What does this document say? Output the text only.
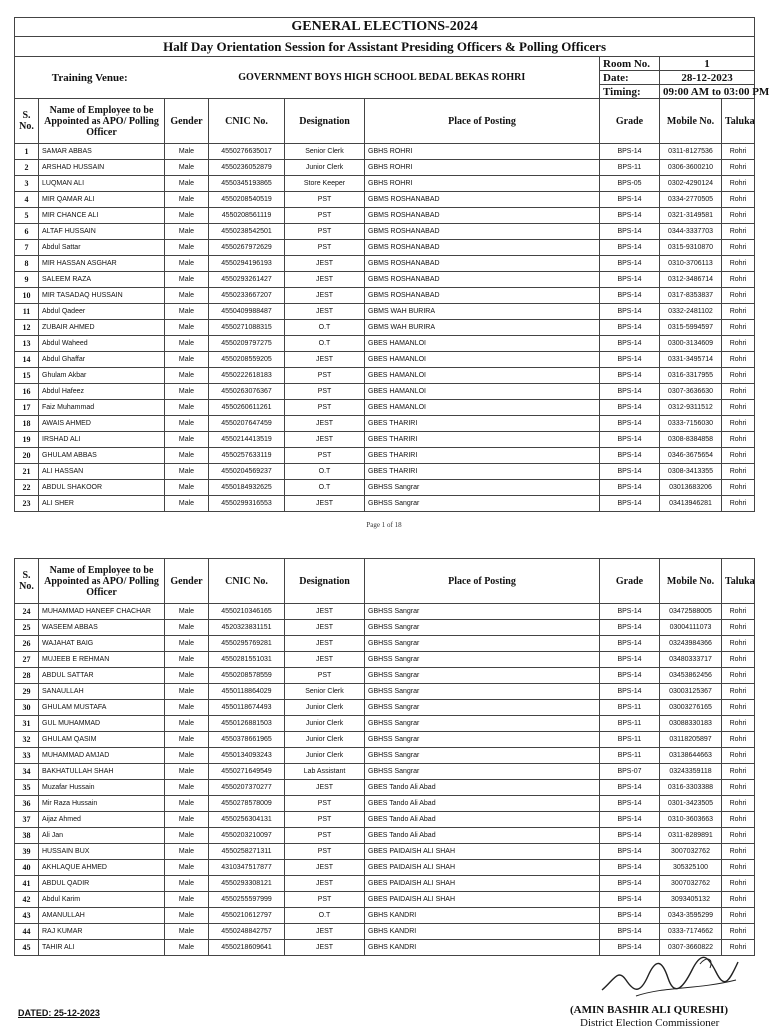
GENERAL ELECTIONS-2024								
Half Day Orientation Session for Assistant Presiding Officers & Polling Officers								
Training Venue:		GOVERNMENT BOYS HIGH SCHOOL BEDAL BEKAS ROHRI				Room No.	1	
						Date:	28-12-2023	
						Timing:	09:00 AM to 03:00 PM	
S. No.	Name of Employee to be Appointed as APO/ Polling Officer	Gender	CNIC No.	Designation	Place of Posting	Grade	Mobile No.	Taluka
1	SAMAR ABBAS	Male	4550276635017	Senior Clerk	GBHS ROHRI	BPS-14	0311-8127536	Rohri
2	ARSHAD HUSSAIN	Male	4550236052879	Junior Clerk	GBHS ROHRI	BPS-11	0306-3600210	Rohri
3	LUQMAN ALI	Male	4550345193865	Store Keeper	GBHS ROHRI	BPS-05	0302-4290124	Rohri
4	MIR QAMAR ALI	Male	4550208540519	PST	GBMS ROSHANABAD	BPS-14	0334-2770505	Rohri
5	MIR CHANCE ALI	Male	4550208561119	PST	GBMS ROSHANABAD	BPS-14	0321-3149581	Rohri
6	ALTAF HUSSAIN	Male	4550238542501	PST	GBMS ROSHANABAD	BPS-14	0344-3337703	Rohri
7	Abdul Sattar	Male	4550267972629	PST	GBMS ROSHANABAD	BPS-14	0315-9310870	Rohri
8	MIR HASSAN ASGHAR	Male	4550294196193	JEST	GBMS ROSHANABAD	BPS-14	0310-3706113	Rohri
9	SALEEM RAZA	Male	4550293261427	JEST	GBMS ROSHANABAD	BPS-14	0312-3486714	Rohri
10	MIR TASADAQ HUSSAIN	Male	4550233667207	JEST	GBMS ROSHANABAD	BPS-14	0317-8353837	Rohri
11	Abdul Qadeer	Male	4550409988487	JEST	GBMS WAH BURIRA	BPS-14	0332-2481102	Rohri
12	ZUBAIR AHMED	Male	4550271088315	O.T	GBMS WAH BURIRA	BPS-14	0315-5994597	Rohri
13	Abdul Waheed	Male	4550209797275	O.T	GBES HAMANLOI	BPS-14	0300-3134609	Rohri
14	Abdul Ghaffar	Male	4550208559205	JEST	GBES HAMANLOI	BPS-14	0331-3495714	Rohri
15	Ghulam Akbar	Male	4550222618183	PST	GBES HAMANLOI	BPS-14	0316-3317955	Rohri
16	Abdul Hafeez	Male	4550263076367	PST	GBES HAMANLOI	BPS-14	0307-3636630	Rohri
17	Faiz Muhammad	Male	4550260611261	PST	GBES HAMANLOI	BPS-14	0312-9311512	Rohri
18	AWAIS AHMED	Male	4550207647459	JEST	GBES THARIRI	BPS-14	0333-7156030	Rohri
19	IRSHAD ALI	Male	4550214413519	JEST	GBES THARIRI	BPS-14	0308-8384858	Rohri
20	GHULAM ABBAS	Male	4550257633119	PST	GBES THARIRI	BPS-14	0346-3675654	Rohri
21	ALI HASSAN	Male	4550204569237	O.T	GBES THARIRI	BPS-14	0308-3413355	Rohri
22	ABDUL SHAKOOR	Male	4550184932625	O.T	GBHSS Sangrar	BPS-14	03013683206	Rohri
23	ALI SHER	Male	4550299316553	JEST	GBHSS Sangrar	BPS-14	03413946281	Rohri
Page 1 of 18
S. No.	Name of Employee to be Appointed as APO/ Polling Officer	Gender	CNIC No.	Designation	Place of Posting	Grade	Mobile No.	Taluka
24	MUHAMMAD HANEEF CHACHAR	Male	4550210346165	JEST	GBHSS Sangrar	BPS-14	03472588005	Rohri
25	WASEEM ABBAS	Male	4520323831151	JEST	GBHSS Sangrar	BPS-14	03004111073	Rohri
26	WAJAHAT BAIG	Male	4550295769281	JEST	GBHSS Sangrar	BPS-14	03243984366	Rohri
27	MUJEEB E REHMAN	Male	4550281551031	JEST	GBHSS Sangrar	BPS-14	03480333717	Rohri
28	ABDUL SATTAR	Male	4550208578559	PST	GBHSS Sangrar	BPS-14	03453862456	Rohri
29	SANAULLAH	Male	4550118864029	Senior Clerk	GBHSS Sangrar	BPS-14	03003125367	Rohri
30	GHULAM MUSTAFA	Male	4550118674493	Junior Clerk	GBHSS Sangrar	BPS-11	03003276165	Rohri
31	GUL MUHAMMAD	Male	4550126881503	Junior Clerk	GBHSS Sangrar	BPS-11	03088330183	Rohri
32	GHULAM QASIM	Male	4550378661965	Junior Clerk	GBHSS Sangrar	BPS-11	03118205897	Rohri
33	MUHAMMAD AMJAD	Male	4550134093243	Junior Clerk	GBHSS Sangrar	BPS-11	03138644663	Rohri
34	BAKHATULLAH SHAH	Male	4550271649549	Lab Assistant	GBHSS Sangrar	BPS-07	03243359118	Rohri
35	Muzafar Hussain	Male	4550207370277	JEST	GBES Tando Ali Abad	BPS-14	0316-3303388	Rohri
36	Mir Raza Hussain	Male	4550278578009	PST	GBES Tando Ali Abad	BPS-14	0301-3423505	Rohri
37	Aijaz Ahmed	Male	4550256304131	PST	GBES Tando Ali Abad	BPS-14	0310-3603663	Rohri
38	Ali Jan	Male	4550203210097	PST	GBES Tando Ali Abad	BPS-14	0311-8289891	Rohri
39	HUSSAIN BUX	Male	4550258271311	PST	GBES PAIDAISH ALI SHAH	BPS-14	3007032762	Rohri
40	AKHLAQUE AHMED	Male	4310347517877	JEST	GBES PAIDAISH ALI SHAH	BPS-14	305325100	Rohri
41	ABDUL QADIR	Male	4550293308121	JEST	GBES PAIDAISH ALI SHAH	BPS-14	3007032762	Rohri
42	Abdul Karim	Male	4550255597999	PST	GBES PAIDAISH ALI SHAH	BPS-14	3093405132	Rohri
43	AMANULLAH	Male	4550210612797	O.T	GBHS KANDRI	BPS-14	0343-3595299	Rohri
44	RAJ KUMAR	Male	4550248842757	JEST	GBHS KANDRI	BPS-14	0333-7174662	Rohri
45	TAHIR ALI	Male	4550218609641	JEST	GBHS KANDRI	BPS-14	0307-3660822	Rohri
DATED: 25-12-2023	(AMIN BASHIR ALI QURESHI)
District Election Commissioner
